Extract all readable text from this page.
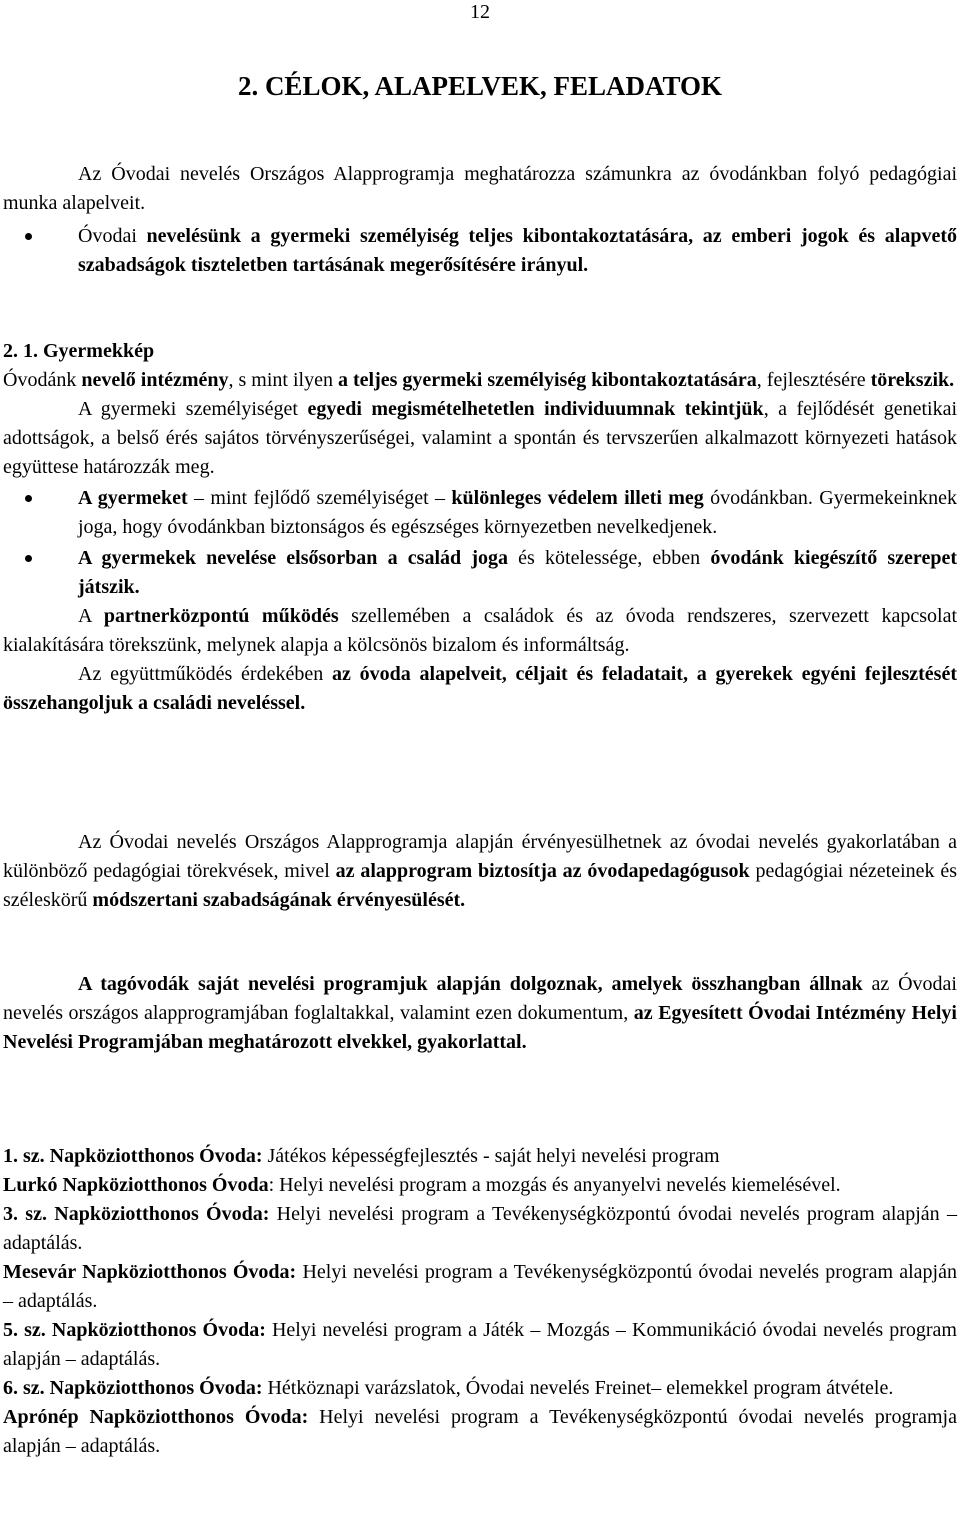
12
2. CÉLOK, ALAPELVEK, FELADATOK

Az Óvodai nevelés Országos Alapprogramja meghatározza számunkra az óvodánkban folyó pedagógiai munka alapelveit.

Óvodai nevelésünk a gyermeki személyiség teljes kibontakoztatására, az emberi jogok és alapvető szabadságok tiszteletben tartásának megerősítésére irányul.

2. 1. Gyermekkép

Óvodánk nevelő intézmény, s mint ilyen a teljes gyermeki személyiség kibontakoztatására, fejlesztésére törekszik.

A gyermeki személyiséget egyedi megismételhetetlen individuumnak tekintjük, a fejlődését genetikai adottságok, a belső érés sajátos törvényszerűségei, valamint a spontán és tervszerűen alkalmazott környezeti hatások együttese határozzák meg.

A gyermeket – mint fejlődő személyiséget – különleges védelem illeti meg óvodánkban. Gyermekeinknek joga, hogy óvodánkban biztonságos és egészséges környezetben nevelkedjenek.

A gyermekek nevelése elsősorban a család joga és kötelessége, ebben óvodánk kiegészítő szerepet játszik.

A partnerközpontú működés szellemében a családok és az óvoda rendszeres, szervezett kapcsolat kialakítására törekszünk, melynek alapja a kölcsönös bizalom és informáltság.

Az együttműködés érdekében az óvoda alapelveit, céljait és feladatait, a gyerekek egyéni fejlesztését összehangoljuk a családi neveléssel.

Az Óvodai nevelés Országos Alapprogramja alapján érvényesülhetnek az óvodai nevelés gyakorlatában a különböző pedagógiai törekvések, mivel az alapprogram biztosítja az óvodapedagógusok pedagógiai nézeteinek és széleskörű módszertani szabadságának érvényesülését.

A tagóvodák saját nevelési programjuk alapján dolgoznak, amelyek összhangban állnak az Óvodai nevelés országos alapprogramjában foglaltakkal, valamint ezen dokumentum, az Egyesített Óvodai Intézmény Helyi Nevelési Programjában meghatározott elvekkel, gyakorlattal.

1. sz. Napköziotthonos Óvoda: Játékos képességfejlesztés - saját helyi nevelési program

Lurkó Napköziotthonos Óvoda: Helyi nevelési program a mozgás és anyanyelvi nevelés kiemelésével.

3. sz. Napköziotthonos Óvoda: Helyi nevelési program a Tevékenységközpontú óvodai nevelés program alapján – adaptálás.

Mesevár Napköziotthonos Óvoda: Helyi nevelési program a Tevékenységközpontú óvodai nevelés program alapján – adaptálás.

5. sz. Napköziotthonos Óvoda: Helyi nevelési program a Játék – Mozgás – Kommunikáció óvodai nevelés program alapján – adaptálás.

6. sz. Napköziotthonos Óvoda: Hétköznapi varázslatok, Óvodai nevelés Freinet– elemekkel program átvétele.

Aprónép Napköziotthonos Óvoda: Helyi nevelési program a Tevékenységközpontú óvodai nevelés programja alapján – adaptálás.
